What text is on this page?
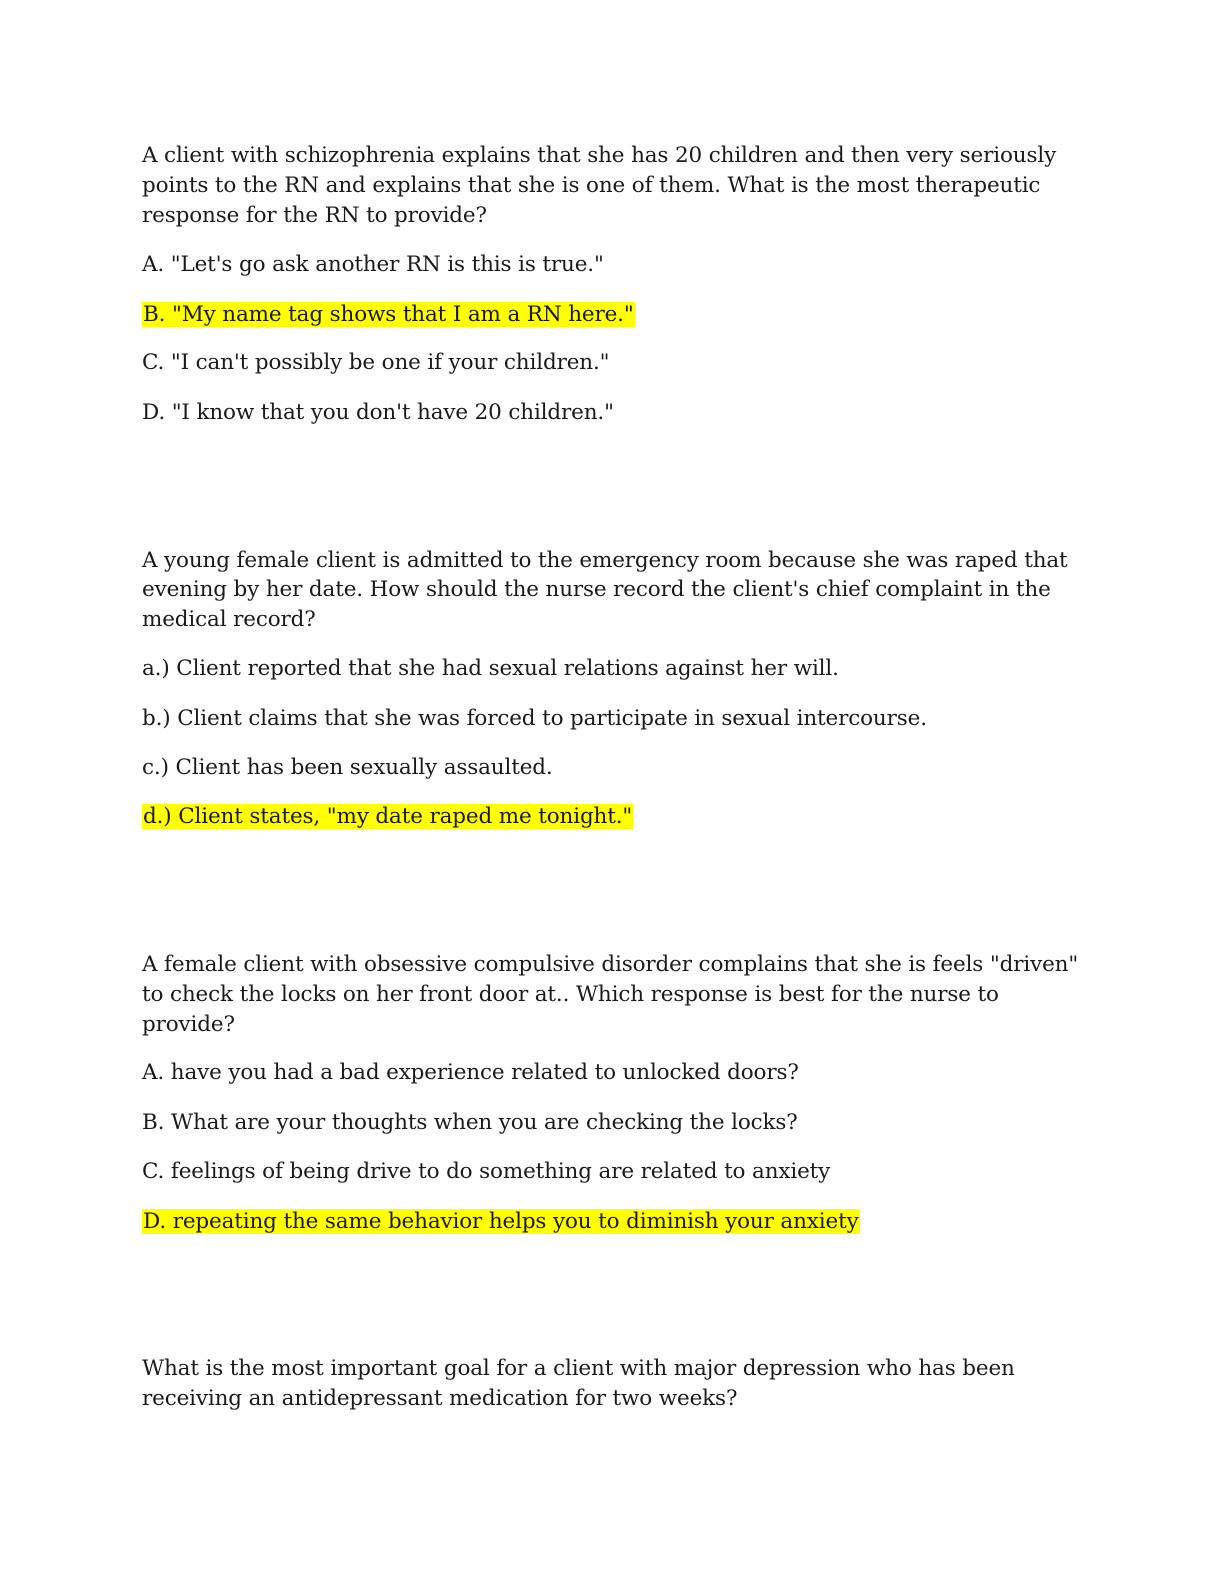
A client with schizophrenia explains that she has 20 children and then very seriously

points to the RN and explains that she is one of them. What is the most therapeutic

response for the RN to provide?

A. "Let's go ask another RN is this is true."

B. "My name tag shows that I am a RN here."

C. "I can't possibly be one if your children."

D. "I know that you don't have 20 children."

A young female client is admitted to the emergency room because she was raped that

evening by her date. How should the nurse record the client's chief complaint in the

medical record?

a.) Client reported that she had sexual relations against her will.

b.) Client claims that she was forced to participate in sexual intercourse.

c.) Client has been sexually assaulted.

d.) Client states, "my date raped me tonight."

A female client with obsessive compulsive disorder complains that she is feels "driven"

to check the locks on her front door at.. Which response is best for the nurse to

provide?

A. have you had a bad experience related to unlocked doors?

B. What are your thoughts when you are checking the locks?

C. feelings of being drive to do something are related to anxiety

D. repeating the same behavior helps you to diminish your anxiety

What is the most important goal for a client with major depression who has been

receiving an antidepressant medication for two weeks?
